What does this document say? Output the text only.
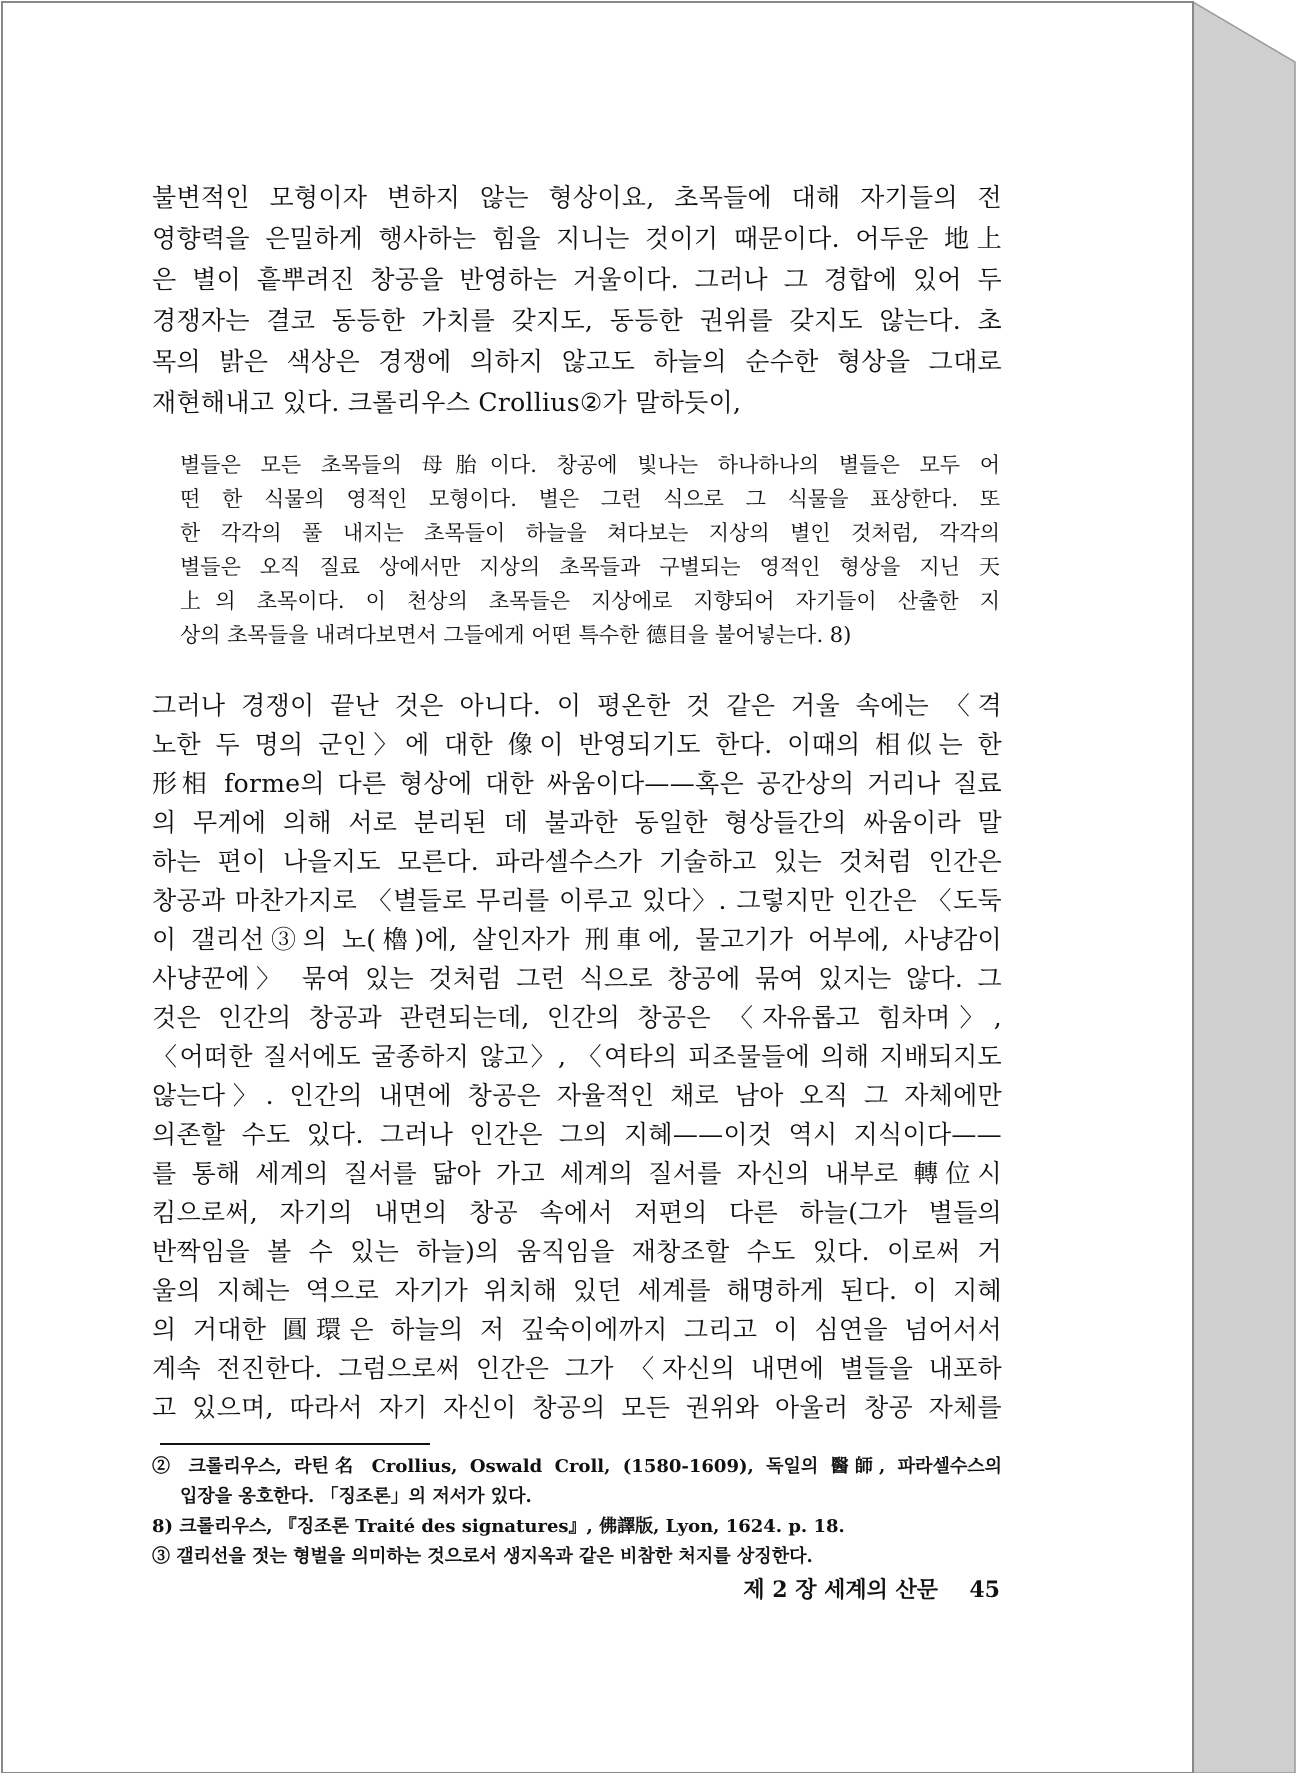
불변적인 모형이자 변하지 않는 형상이요, 초목들에 대해 자기들의 전
영향력을 은밀하게 행사하는 힘을 지니는 것이기 때문이다. 어두운 地上
은 별이 흩뿌려진 창공을 반영하는 거울이다. 그러나 그 경합에 있어 두
경쟁자는 결코 동등한 가치를 갖지도, 동등한 권위를 갖지도 않는다. 초
목의 밝은 색상은 경쟁에 의하지 않고도 하늘의 순수한 형상을 그대로
재현해내고 있다. 크롤리우스 Crollius②가 말하듯이,
별들은 모든 초목들의 母胎이다. 창공에 빛나는 하나하나의 별들은 모두 어
떤 한 식물의 영적인 모형이다. 별은 그런 식으로 그 식물을 표상한다. 또
한 각각의 풀 내지는 초목들이 하늘을 쳐다보는 지상의 별인 것처럼, 각각의
별들은 오직 질료 상에서만 지상의 초목들과 구별되는 영적인 형상을 지닌 天
上의 초목이다. 이 천상의 초목들은 지상에로 지향되어 자기들이 산출한 지
상의 초목들을 내려다보면서 그들에게 어떤 특수한 德目을 불어넣는다. 8)
그러나 경쟁이 끝난 것은 아니다. 이 평온한 것 같은 거울 속에는 〈격
노한 두 명의 군인〉에 대한 像이 반영되기도 한다. 이때의 相似는 한
形相 forme의 다른 형상에 대한 싸움이다——혹은 공간상의 거리나 질료
의 무게에 의해 서로 분리된 데 불과한 동일한 형상들간의 싸움이라 말
하는 편이 나을지도 모른다. 파라셀수스가 기술하고 있는 것처럼 인간은
창공과 마찬가지로 〈별들로 무리를 이루고 있다〉. 그렇지만 인간은 〈도둑
이 갤리선③의 노(櫓)에, 살인자가 刑車에, 물고기가 어부에, 사냥감이
사냥꾼에〉 묶여 있는 것처럼 그런 식으로 창공에 묶여 있지는 않다. 그
것은 인간의 창공과 관련되는데, 인간의 창공은 〈자유롭고 힘차며〉,
〈어떠한 질서에도 굴종하지 않고〉, 〈여타의 피조물들에 의해 지배되지도
않는다〉. 인간의 내면에 창공은 자율적인 채로 남아 오직 그 자체에만
의존할 수도 있다. 그러나 인간은 그의 지혜——이것 역시 지식이다——
를 통해 세계의 질서를 닮아 가고 세계의 질서를 자신의 내부로 轉位시
킴으로써, 자기의 내면의 창공 속에서 저편의 다른 하늘(그가 별들의
반짝임을 볼 수 있는 하늘)의 움직임을 재창조할 수도 있다. 이로써 거
울의 지혜는 역으로 자기가 위치해 있던 세계를 해명하게 된다. 이 지혜
의 거대한 圓環은 하늘의 저 깊숙이에까지 그리고 이 심연을 넘어서서
계속 전진한다. 그럼으로써 인간은 그가 〈자신의 내면에 별들을 내포하
고 있으며, 따라서 자기 자신이 창공의 모든 권위와 아울러 창공 자체를
② 크롤리우스, 라틴名 Crollius, Oswald Croll, (1580-1609), 독일의 醫師, 파라셀수스의
입장을 옹호한다. 「징조론」의 저서가 있다.
8) 크롤리우스, 『징조론 Traité des signatures』, 佛譯版, Lyon, 1624. p. 18.
③ 갤리선을 젓는 형벌을 의미하는 것으로서 생지옥과 같은 비참한 처지를 상징한다.
제 2 장 세계의 산문 45
